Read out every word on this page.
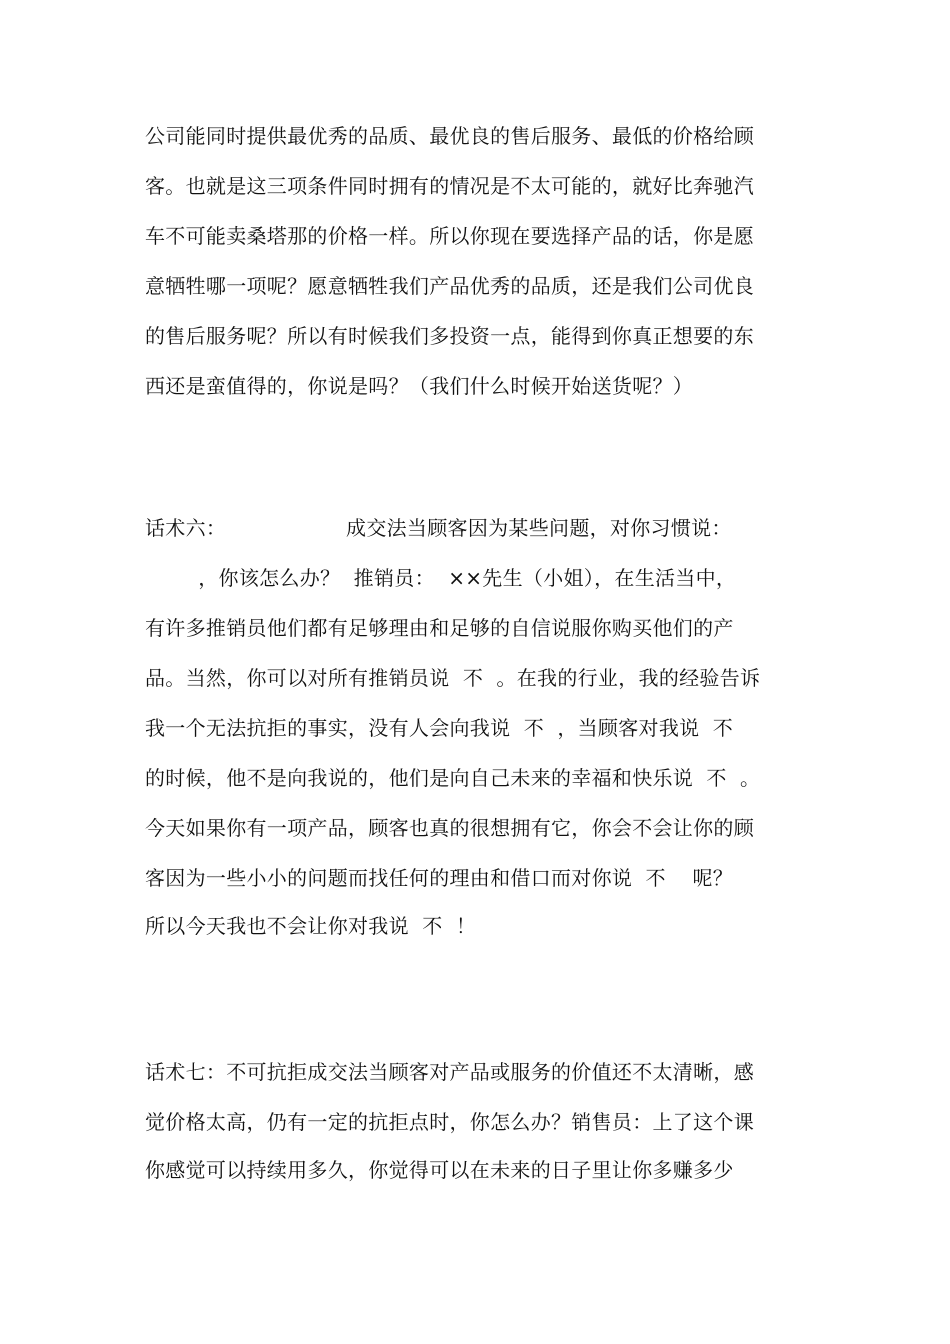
公司能同时提供最优秀的品质、最优良的售后服务、最低的价格给顾
客。也就是这三项条件同时拥有的情况是不太可能的，就好比奔驰汽
车不可能卖桑塔那的价格一样。所以你现在要选择产品的话，你是愿
意牺牲哪一项呢？愿意牺牲我们产品优秀的品质，还是我们公司优良
的售后服务呢？所以有时候我们多投资一点，能得到你真正想要的东
西还是蛮值得的，你说是吗？（我们什么时候开始送货呢？）
话术六：                  成交法当顾客因为某些问题，对你习惯说：
，你该怎么办？  推销员：  ××先生（小姐），在生活当中，
有许多推销员他们都有足够理由和足够的自信说服你购买他们的产
品。当然，你可以对所有推销员说  不  。在我的行业，我的经验告诉
我一个无法抗拒的事实，没有人会向我说  不  ，当顾客对我说  不
的时候，他不是向我说的，他们是向自己未来的幸福和快乐说  不  。
今天如果你有一项产品，顾客也真的很想拥有它，你会不会让你的顾
客因为一些小小的问题而找任何的理由和借口而对你说  不    呢？
所以今天我也不会让你对我说  不  ！
话术七：不可抗拒成交法当顾客对产品或服务的价值还不太清晰，感
觉价格太高，仍有一定的抗拒点时，你怎么办？销售员：上了这个课
你感觉可以持续用多久，你觉得可以在未来的日子里让你多赚多少
